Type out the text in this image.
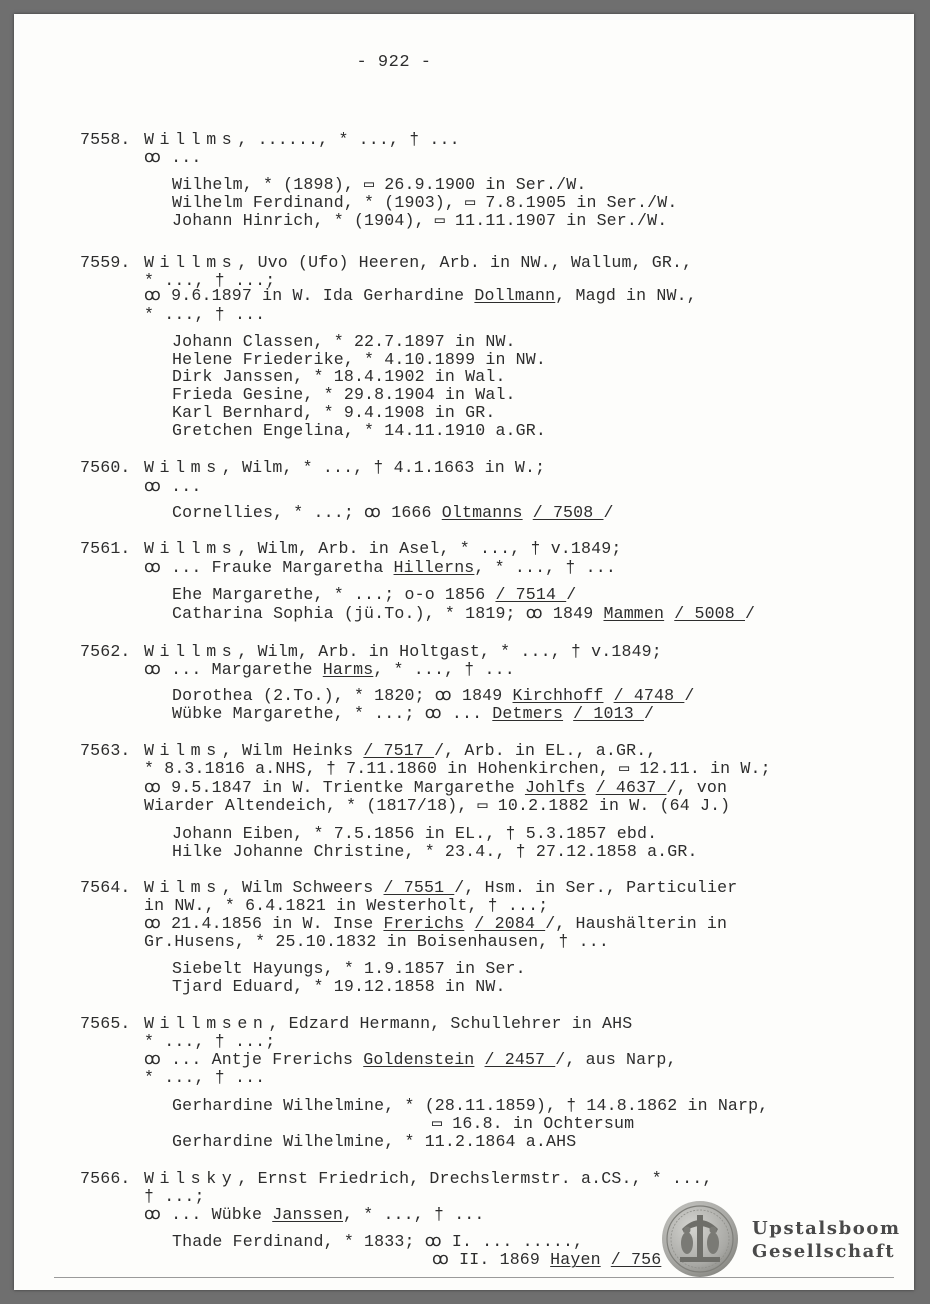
- 922 -
7558. Willms, ......, * ..., † ...
ꝏ ...
Wilhelm, * (1898), ▭ 26.9.1900 in Ser./W.
Wilhelm Ferdinand, * (1903), ▭ 7.8.1905 in Ser./W.
Johann Hinrich, * (1904), ▭ 11.11.1907 in Ser./W.
7559. Willms, Uvo (Ufo) Heeren, Arb. in NW., Wallum, GR.,
* ..., † ...;
ꝏ 9.6.1897 in W. Ida Gerhardine Dollmann, Magd in NW.,
* ..., † ...
Johann Classen, * 22.7.1897 in NW.
Helene Friederike, * 4.10.1899 in NW.
Dirk Janssen, * 18.4.1902 in Wal.
Frieda Gesine, * 29.8.1904 in Wal.
Karl Bernhard, * 9.4.1908 in GR.
Gretchen Engelina, * 14.11.1910 a.GR.
7560. Wilms, Wilm, * ..., † 4.1.1663 in W.;
ꝏ ...
Cornellies, * ...; ꝏ 1666 Oltmanns / 7508 /
7561. Willms, Wilm, Arb. in Asel, * ..., † v.1849;
ꝏ ... Frauke Margaretha Hillerns, * ..., † ...
Ehe Margarethe, * ...; o-o 1856 / 7514 /
Catharina Sophia (jü.To.), * 1819; ꝏ 1849 Mammen / 5008 /
7562. Willms, Wilm, Arb. in Holtgast, * ..., † v.1849;
ꝏ ... Margarethe Harms, * ..., † ...
Dorothea (2.To.), * 1820; ꝏ 1849 Kirchhoff / 4748 /
Wübke Margarethe, * ...; ꝏ ... Detmers / 1013 /
7563. Wilms, Wilm Heinks / 7517 /, Arb. in EL., a.GR.,
* 8.3.1816 a.NHS, † 7.11.1860 in Hohenkirchen, ▭ 12.11. in W.;
ꝏ 9.5.1847 in W. Trientke Margarethe Johlfs / 4637 /, von
Wiarder Altendeich, * (1817/18), ▭ 10.2.1882 in W. (64 J.)
Johann Eiben, * 7.5.1856 in EL., † 5.3.1857 ebd.
Hilke Johanne Christine, * 23.4., † 27.12.1858 a.GR.
7564. Wilms, Wilm Schweers / 7551 /, Hsm. in Ser., Particulier
in NW., * 6.4.1821 in Westerholt, † ...;
ꝏ 21.4.1856 in W. Inse Frerichs / 2084 /, Haushälterin in
Gr.Husens, * 25.10.1832 in Boisenhausen, † ...
Siebelt Hayungs, * 1.9.1857 in Ser.
Tjard Eduard, * 19.12.1858 in NW.
7565. Willmsen, Edzard Hermann, Schullehrer in AHS
* ..., † ...;
ꝏ ... Antje Frerichs Goldenstein / 2457 /, aus Narp,
* ..., † ...
Gerhardine Wilhelmine, * (28.11.1859), † 14.8.1862 in Narp,
▭ 16.8. in Ochtersum
Gerhardine Wilhelmine, * 11.2.1864 a.AHS
7566. Wilsky, Ernst Friedrich, Drechslermstr. a.CS., * ...,
† ...;
ꝏ ... Wübke Janssen, * ..., † ...
Thade Ferdinand, * 1833; ꝏ I. ... .....,
ꝏ II. 1869 Hayen / 756
Upstalsboom
Gesellschaft
